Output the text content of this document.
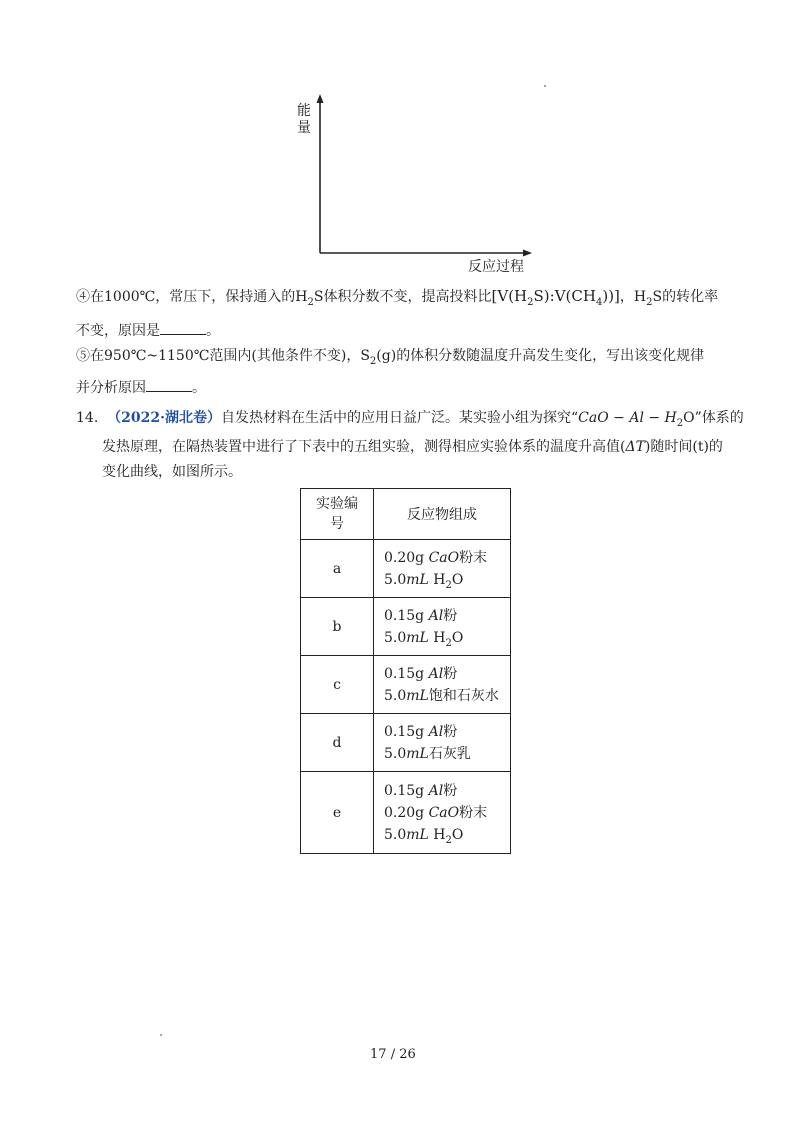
能
量
反应过程
④在1000℃，常压下，保持通入的$H_2S$体积分数不变，提高投料比$[V(H_2S):V(CH_4))$]，$H_2S$的转化率
不变，原因是	。
⑤在950℃~1150℃范围内(其他条件不变)，$S_2(g)$的体积分数随温度升高发生变化，写出该变化规律
并分析原因	。
14. （2022·湖北卷）自发热材料在生活中的应用日益广泛。某实验小组为探究“CaO − $Al - H_2O$”体系的
发热原理，在隔热装置中进行了下表中的五组实验，测得相应实验体系的温度升高值(ΔT)随时间(t)的
变化曲线，如图所示。
实验编号	反应物组成
a	0.20g CaO粉末
5.0mL $H_2O$

b	0.15g Al粉
5.0mL $H_2O$

c	0.15g Al粉
5.0mL饱和石灰水

d	0.15g Al粉
5.0mL石灰乳

e	0.15g Al粉
0.20g CaO粉末
5.0mL $H_2O$
17 / 26
